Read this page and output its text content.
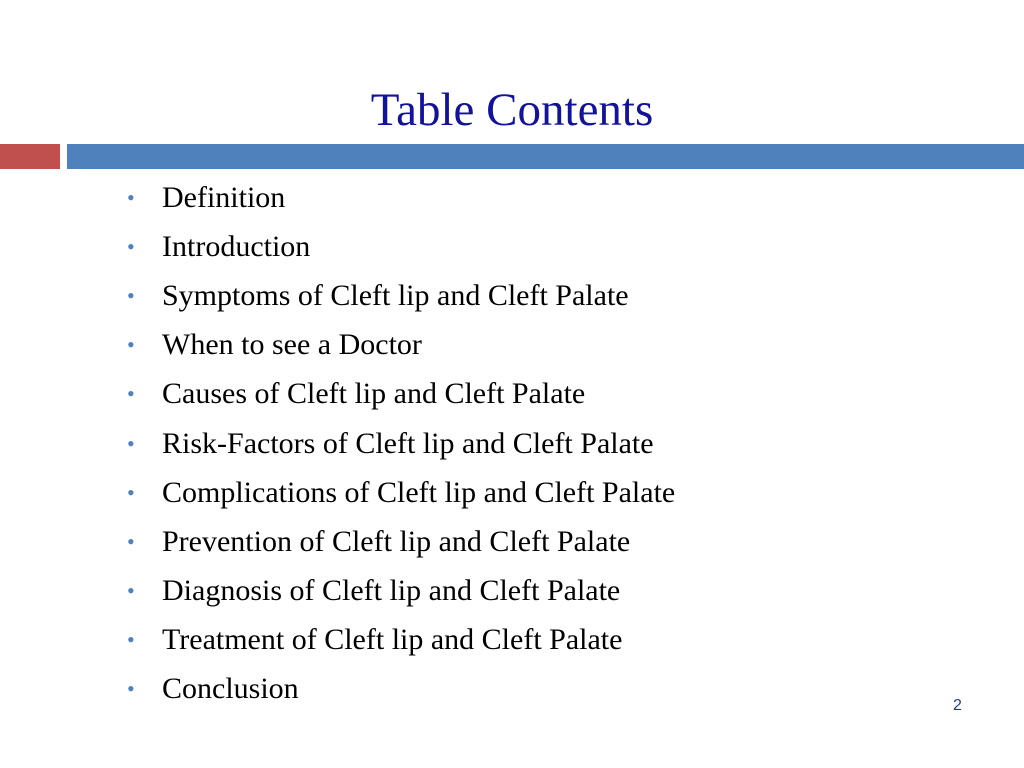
Table Contents
• Definition
• Introduction
• Symptoms of Cleft lip and Cleft Palate
• When to see a Doctor
• Causes of Cleft lip and Cleft Palate
• Risk-Factors of Cleft lip and Cleft Palate
• Complications of Cleft lip and Cleft Palate
• Prevention of Cleft lip and Cleft Palate
• Diagnosis of Cleft lip and Cleft Palate
• Treatment of Cleft lip and Cleft Palate
• Conclusion
2
